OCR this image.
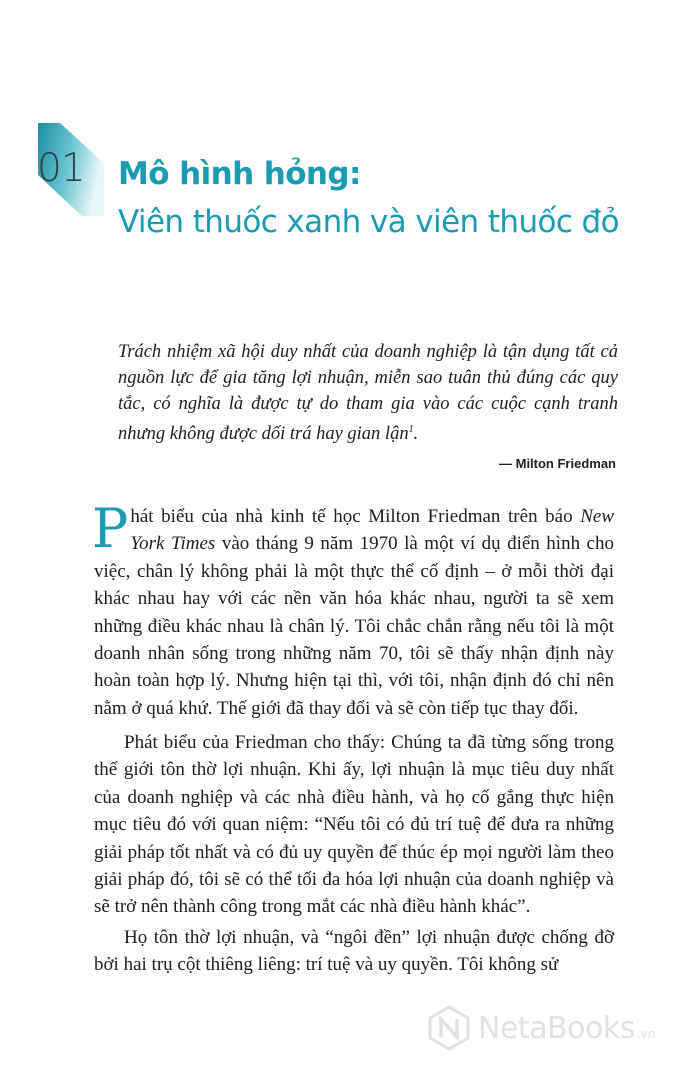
01 Mô hình hỏng:
Viên thuốc xanh và viên thuốc đỏ

Trách nhiệm xã hội duy nhất của doanh nghiệp là tận dụng tất cả nguồn lực để gia tăng lợi nhuận, miễn sao tuân thủ đúng các quy tắc, có nghĩa là được tự do tham gia vào các cuộc cạnh tranh nhưng không được dối trá hay gian lận$^1$.

— Milton Friedman

Phát biểu của nhà kinh tế học Milton Friedman trên báo New York Times vào tháng 9 năm 1970 là một ví dụ điển hình cho việc, chân lý không phải là một thực thể cố định – ở mỗi thời đại khác nhau hay với các nền văn hóa khác nhau, người ta sẽ xem những điều khác nhau là chân lý. Tôi chắc chắn rằng nếu tôi là một doanh nhân sống trong những năm 70, tôi sẽ thấy nhận định này hoàn toàn hợp lý. Nhưng hiện tại thì, với tôi, nhận định đó chỉ nên nằm ở quá khứ. Thế giới đã thay đổi và sẽ còn tiếp tục thay đổi.

Phát biểu của Friedman cho thấy: Chúng ta đã từng sống trong thế giới tôn thờ lợi nhuận. Khi ấy, lợi nhuận là mục tiêu duy nhất của doanh nghiệp và các nhà điều hành, và họ cố gắng thực hiện mục tiêu đó với quan niệm: “Nếu tôi có đủ trí tuệ để đưa ra những giải pháp tốt nhất và có đủ uy quyền để thúc ép mọi người làm theo giải pháp đó, tôi sẽ có thể tối đa hóa lợi nhuận của doanh nghiệp và sẽ trở nên thành công trong mắt các nhà điều hành khác”.

Họ tôn thờ lợi nhuận, và “ngôi đền” lợi nhuận được chống đỡ bởi hai trụ cột thiêng liêng: trí tuệ và uy quyền. Tôi không sử

NetaBooks .vn
